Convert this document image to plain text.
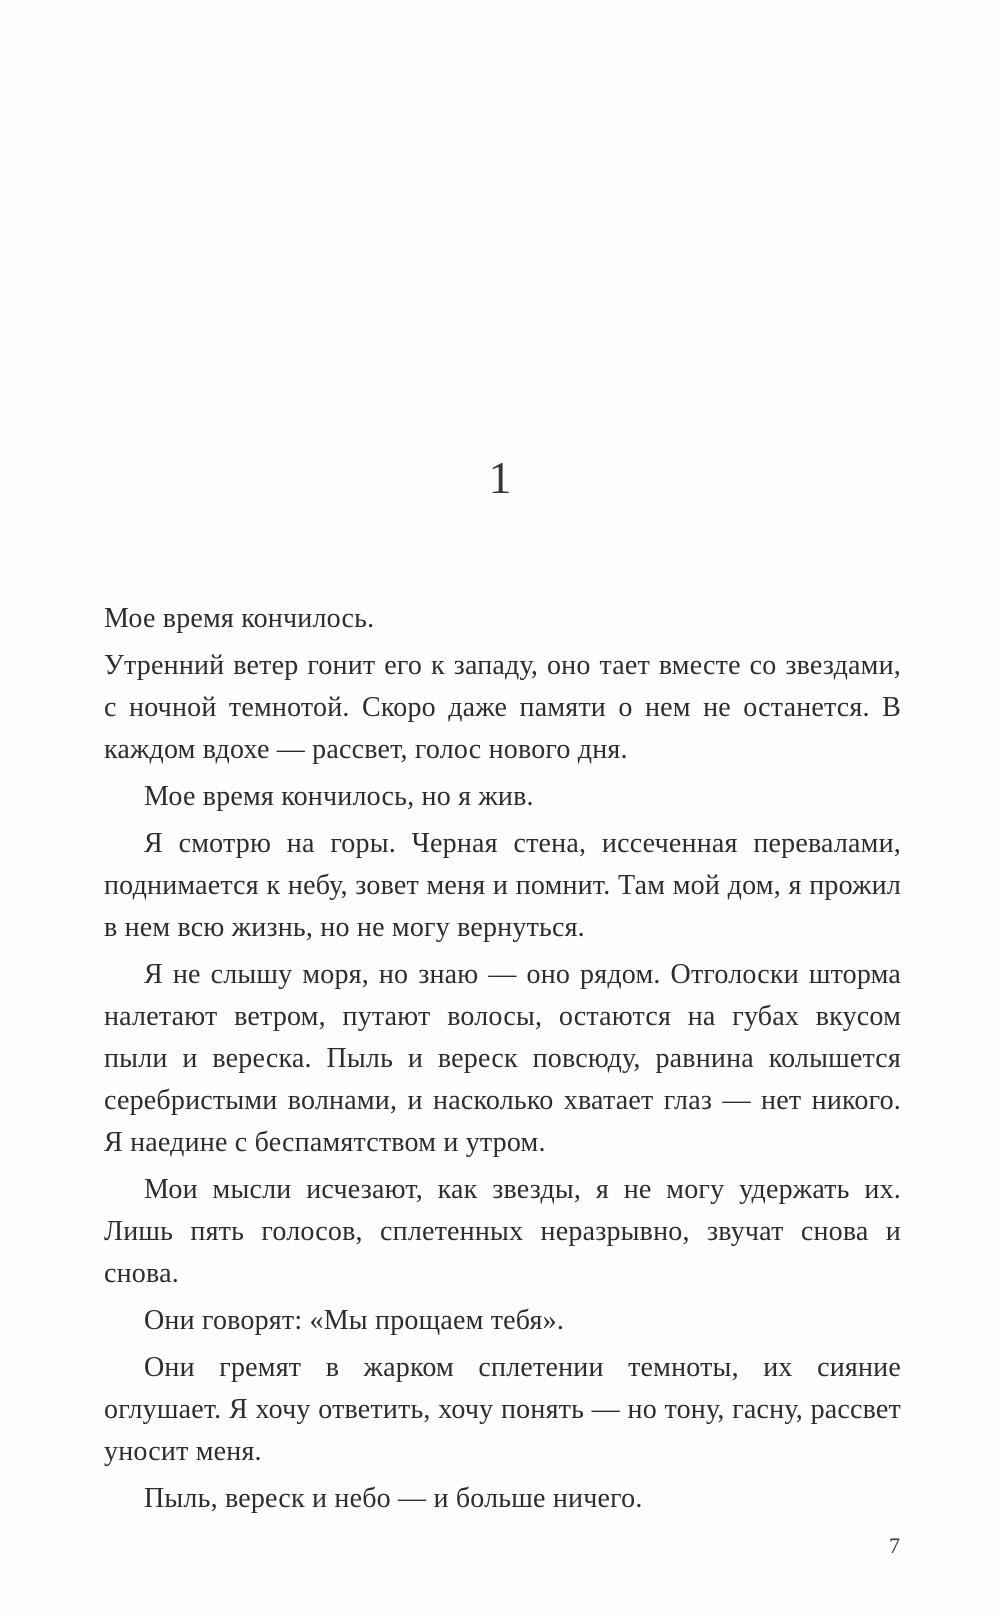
1

Мое время кончилось.

Утренний ветер гонит его к западу, оно тает вместе со звездами, с ночной темнотой. Скоро даже памяти о нем не останется. В каждом вдохе — рассвет, голос нового дня.

Мое время кончилось, но я жив.

Я смотрю на горы. Черная стена, иссеченная перевалами, поднимается к небу, зовет меня и помнит. Там мой дом, я прожил в нем всю жизнь, но не могу вернуться.

Я не слышу моря, но знаю — оно рядом. Отголоски шторма налетают ветром, путают волосы, остаются на губах вкусом пыли и вереска. Пыль и вереск повсюду, равнина колышется серебристыми волнами, и насколько хватает глаз — нет никого. Я наедине с беспамятством и утром.

Мои мысли исчезают, как звезды, я не могу удержать их. Лишь пять голосов, сплетенных неразрывно, звучат снова и снова.

Они говорят: «Мы прощаем тебя».

Они гремят в жарком сплетении темноты, их сияние оглушает. Я хочу ответить, хочу понять — но тону, гасну, рассвет уносит меня.

Пыль, вереск и небо — и больше ничего.

7
